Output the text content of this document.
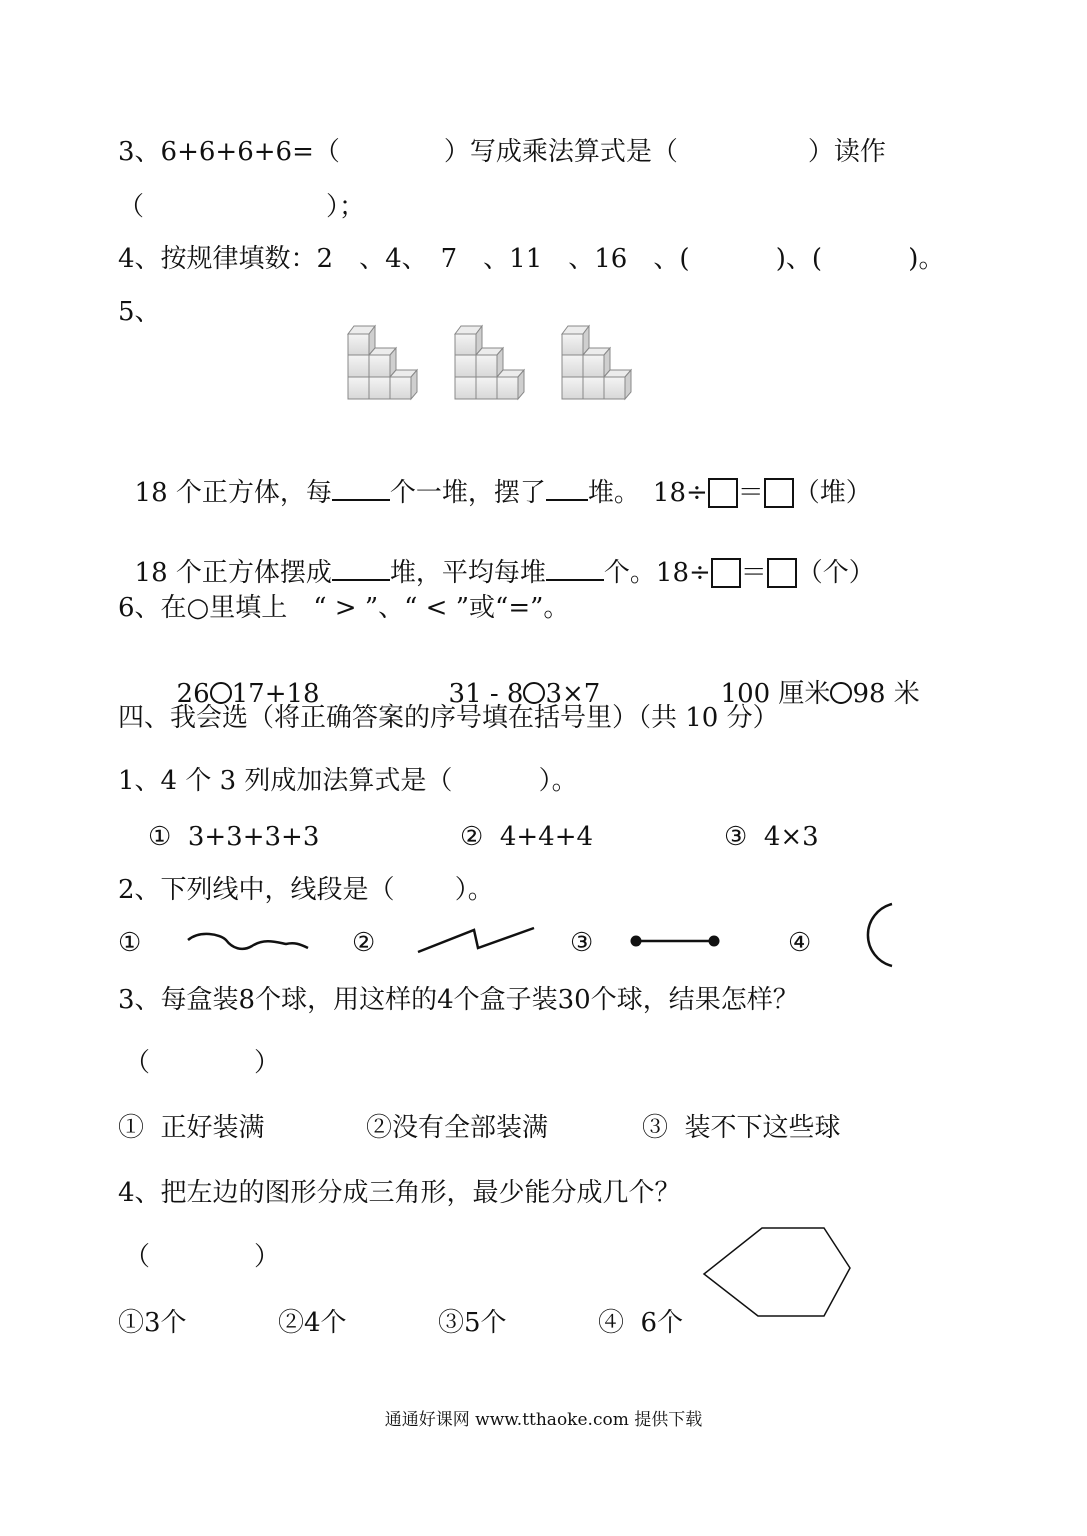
3、6+6+6+6=（　　　　）写成乘法算式是（　　　　　）读作
（　　　　　　　）；
4、按规律填数：2　、4、　7　、11　、16　、(　　　 )、(　　　 )。
5、

18 个正方体，每 个一堆，摆了 堆。　18÷ ＝ （堆）

18 个正方体摆成 堆，平均每堆 个。18÷ ＝ （个）

6、在○里填上　“ > ”、“ < ”或“=”。

26 17+18	31 - 8 3×7	100 厘米 98 米

四、我会选（将正确答案的序号填在括号里）（共 10 分）
1、4 个 3 列成加法算式是（　　　 ）。
①  3+3+3+3	②  4+4+4	③  4×3
2、下列线中，线段是（　　 ）。
①	②	③	④
3、每盒装8个球，用这样的4个盒子装30个球，结果怎样？
（　　　　）
①  正好装满	②没有全部装满	③  装不下这些球
4、把左边的图形分成三角形，最少能分成几个？
（　　　　）
①3个	②4个	③5个	④  6个
通通好课网 www.tthaoke.com 提供下载
